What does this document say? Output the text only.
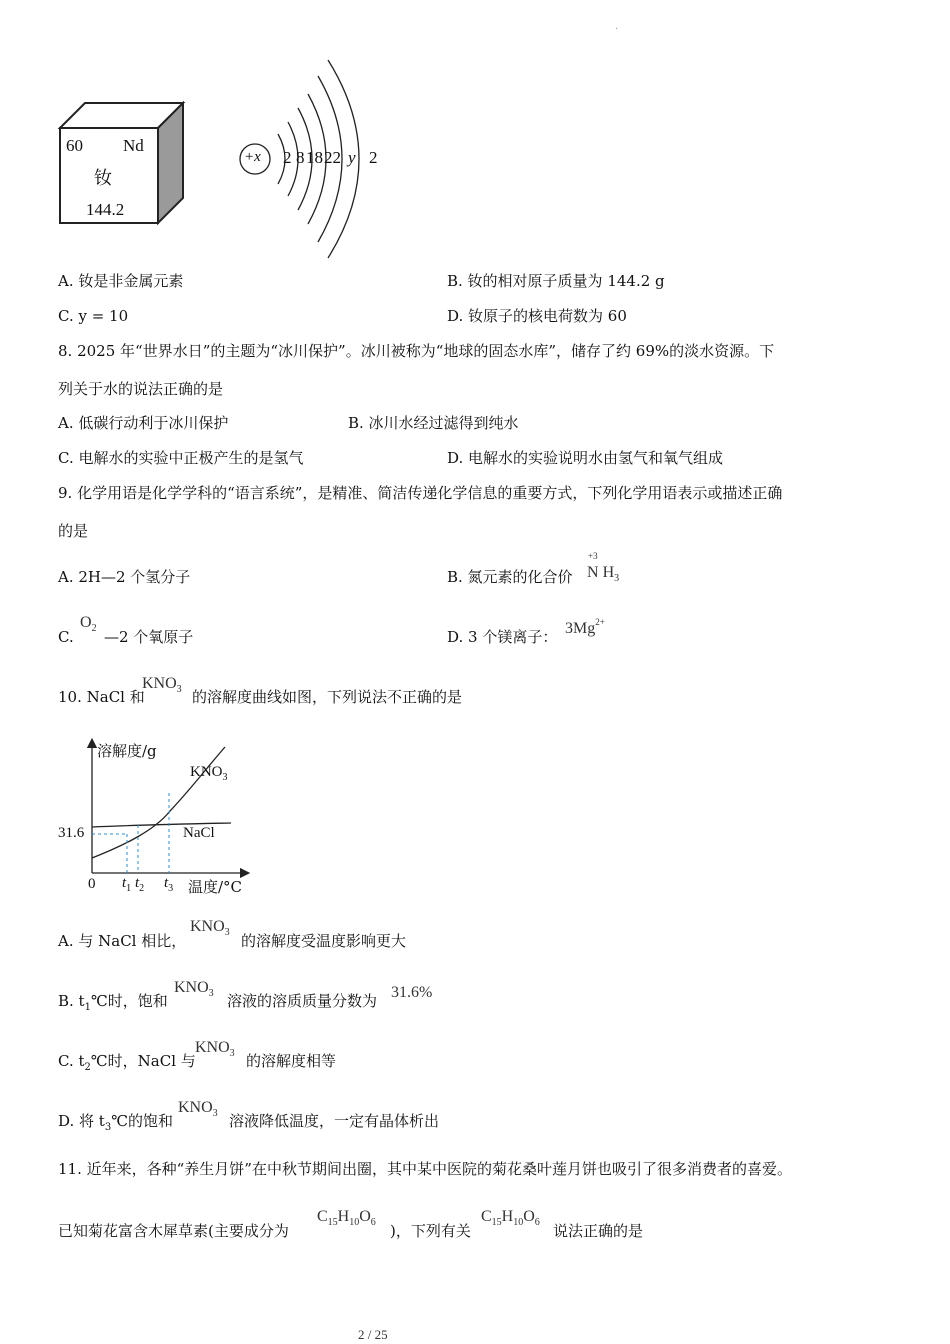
·
60 Nd
钕
144.2
+x 2 8 18 22 y 2
A. 钕是非金属元素	B. 钕的相对原子质量为 144.2 g
C. y = 10	D. 钕原子的核电荷数为 60
8. 2025 年“世界水日”的主题为“冰川保护”。冰川被称为“地球的固态水库”，储存了约 69%的淡水资源。下
列关于水的说法正确的是
A. 低碳行动利于冰川保护	B. 冰川水经过滤得到纯水
C. 电解水的实验中正极产生的是氢气	D. 电解水的实验说明水由氢气和氧气组成
9. 化学用语是化学学科的“语言系统”，是精准、简洁传递化学信息的重要方式，下列化学用语表示或描述正确
的是
A. 2H—2 个氢分子	B. 氮元素的化合价
+3
N $H_3$
C.
$O_2$ —2 个氧原子	D. 3 个镁离子： $3Mg^{2+}$
10. NaCl 和
$KNO_3$ 的溶解度曲线如图，下列说法不正确的是
溶解度/g
$KNO_3$
NaCl
31.6
0 $t_1$ $t_2$ $t_3$ 温度/°C
A. 与 NaCl 相比，
$KNO_3$ 的溶解度受温度影响更大
B. $t_1℃$时，饱和
$KNO_3$ 溶液的溶质质量分数为 31.6%
C. $t_2℃$时，NaCl 与
$KNO_3$ 的溶解度相等
D. 将 $t_3℃$的饱和
$KNO_3$ 溶液降低温度，一定有晶体析出
11. 近年来，各种“养生月饼”在中秋节期间出圈，其中某中医院的菊花桑叶莲月饼也吸引了很多消费者的喜爱。
已知菊花富含木犀草素(主要成分为
$C_{15}H_{10}O_6$ )，下列有关
$C_{15}H_{10}O_6$ 说法正确的是
2 / 25
